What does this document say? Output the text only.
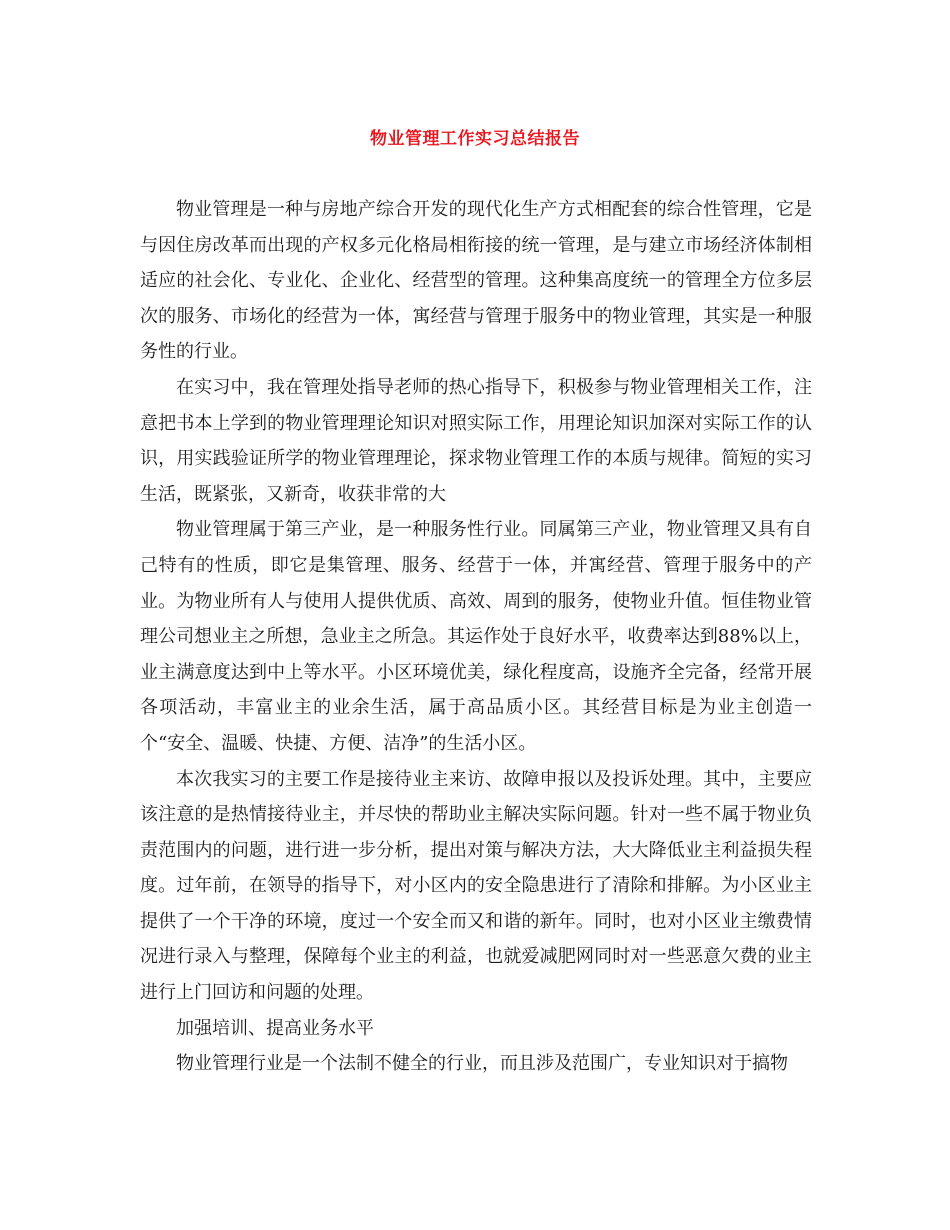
物业管理工作实习总结报告

物业管理是一种与房地产综合开发的现代化生产方式相配套的综合性管理，它是与因住房改革而出现的产权多元化格局相衔接的统一管理，是与建立市场经济体制相适应的社会化、专业化、企业化、经营型的管理。这种集高度统一的管理全方位多层次的服务、市场化的经营为一体，寓经营与管理于服务中的物业管理，其实是一种服务性的行业。

在实习中，我在管理处指导老师的热心指导下，积极参与物业管理相关工作，注意把书本上学到的物业管理理论知识对照实际工作，用理论知识加深对实际工作的认识，用实践验证所学的物业管理理论，探求物业管理工作的本质与规律。简短的实习生活，既紧张，又新奇，收获非常的大

物业管理属于第三产业，是一种服务性行业。同属第三产业，物业管理又具有自己特有的性质，即它是集管理、服务、经营于一体，并寓经营、管理于服务中的产业。为物业所有人与使用人提供优质、高效、周到的服务，使物业升值。恒佳物业管理公司想业主之所想，急业主之所急。其运作处于良好水平，收费率达到88%以上，业主满意度达到中上等水平。小区环境优美，绿化程度高，设施齐全完备，经常开展各项活动，丰富业主的业余生活，属于高品质小区。其经营目标是为业主创造一个“安全、温暖、快捷、方便、洁净”的生活小区。

本次我实习的主要工作是接待业主来访、故障申报以及投诉处理。其中，主要应该注意的是热情接待业主，并尽快的帮助业主解决实际问题。针对一些不属于物业负责范围内的问题，进行进一步分析，提出对策与解决方法，大大降低业主利益损失程度。过年前，在领导的指导下，对小区内的安全隐患进行了清除和排解。为小区业主提供了一个干净的环境，度过一个安全而又和谐的新年。同时，也对小区业主缴费情况进行录入与整理，保障每个业主的利益，也就爱减肥网同时对一些恶意欠费的业主进行上门回访和问题的处理。

加强培训、提高业务水平

物业管理行业是一个法制不健全的行业，而且涉及范围广，专业知识对于搞物
